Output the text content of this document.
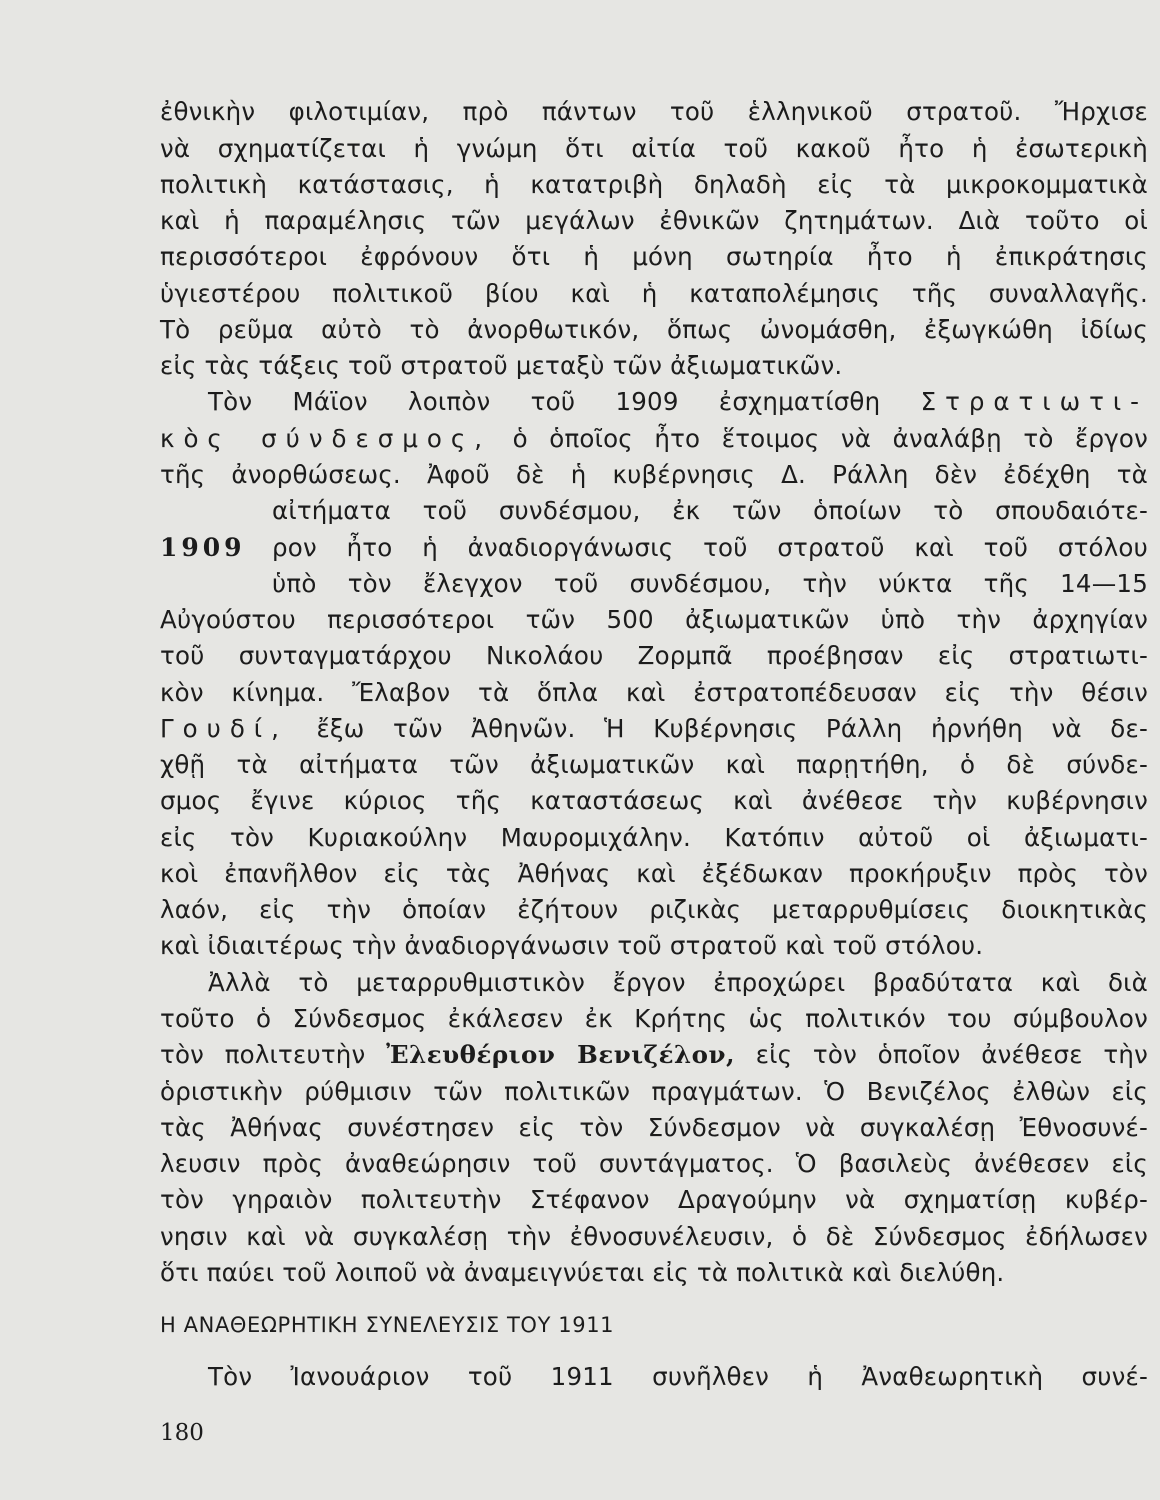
ἐθνικὴν φιλοτιμίαν, πρὸ πάντων τοῦ ἑλληνικοῦ στρατοῦ. Ἤρχισε
νὰ σχηματίζεται ἡ γνώμη ὅτι αἰτία τοῦ κακοῦ ἦτο ἡ ἐσωτερικὴ
πολιτικὴ κατάστασις, ἡ κατατριβὴ δηλαδὴ εἰς τὰ μικροκομματικὰ
καὶ ἡ παραμέλησις τῶν μεγάλων ἐθνικῶν ζητημάτων. Διὰ τοῦτο οἱ
περισσότεροι ἐφρόνουν ὅτι ἡ μόνη σωτηρία ἦτο ἡ ἐπικράτησις
ὑγιεστέρου πολιτικοῦ βίου καὶ ἡ καταπολέμησις τῆς συναλλαγῆς.
Τὸ ρεῦμα αὐτὸ τὸ ἀνορθωτικόν, ὅπως ὠνομάσθη, ἐξωγκώθη ἰδίως
εἰς τὰς τάξεις τοῦ στρατοῦ μεταξὺ τῶν ἀξιωματικῶν.
Τὸν Μάϊον λοιπὸν τοῦ 1909 ἐσχηματίσθη Στρατιωτι-
κὸς σύνδεσμος, ὁ ὁποῖος ἦτο ἕτοιμος νὰ ἀναλάβῃ τὸ ἔργον
τῆς ἀνορθώσεως. Ἀφοῦ δὲ ἡ κυβέρνησις Δ. Ράλλη δὲν ἐδέχθη τὰ
1909
αἰτήματα τοῦ συνδέσμου, ἐκ τῶν ὁποίων τὸ σπουδαιότε-
ρον ἦτο ἡ ἀναδιοργάνωσις τοῦ στρατοῦ καὶ τοῦ στόλου
ὑπὸ τὸν ἔλεγχον τοῦ συνδέσμου, τὴν νύκτα τῆς 14—15
Αὐγούστου περισσότεροι τῶν 500 ἀξιωματικῶν ὑπὸ τὴν ἀρχηγίαν
τοῦ συνταγματάρχου Νικολάου Ζορμπᾶ προέβησαν εἰς στρατιωτι-
κὸν κίνημα. Ἔλαβον τὰ ὅπλα καὶ ἐστρατοπέδευσαν εἰς τὴν θέσιν
Γουδί, ἔξω τῶν Ἀθηνῶν. Ἡ Κυβέρνησις Ράλλη ἠρνήθη νὰ δε-
χθῇ τὰ αἰτήματα τῶν ἀξιωματικῶν καὶ παρῃτήθη, ὁ δὲ σύνδε-
σμος ἔγινε κύριος τῆς καταστάσεως καὶ ἀνέθεσε τὴν κυβέρνησιν
εἰς τὸν Κυριακούλην Μαυρομιχάλην. Κατόπιν αὐτοῦ οἱ ἀξιωματι-
κοὶ ἐπανῆλθον εἰς τὰς Ἀθήνας καὶ ἐξέδωκαν προκήρυξιν πρὸς τὸν
λαόν, εἰς τὴν ὁποίαν ἐζήτουν ριζικὰς μεταρρυθμίσεις διοικητικὰς
καὶ ἰδιαιτέρως τὴν ἀναδιοργάνωσιν τοῦ στρατοῦ καὶ τοῦ στόλου.
Ἀλλὰ τὸ μεταρρυθμιστικὸν ἔργον ἐπροχώρει βραδύτατα καὶ διὰ
τοῦτο ὁ Σύνδεσμος ἐκάλεσεν ἐκ Κρήτης ὡς πολιτικόν του σύμβουλον
τὸν πολιτευτὴν Ἐλευθέριον Βενιζέλον, εἰς τὸν ὁποῖον ἀνέθεσε τὴν
ὁριστικὴν ρύθμισιν τῶν πολιτικῶν πραγμάτων. Ὁ Βενιζέλος ἐλθὼν εἰς
τὰς Ἀθήνας συνέστησεν εἰς τὸν Σύνδεσμον νὰ συγκαλέσῃ Ἐθνοσυνέ-
λευσιν πρὸς ἀναθεώρησιν τοῦ συντάγματος. Ὁ βασιλεὺς ἀνέθεσεν εἰς
τὸν γηραιὸν πολιτευτὴν Στέφανον Δραγούμην νὰ σχηματίσῃ κυβέρ-
νησιν καὶ νὰ συγκαλέσῃ τὴν ἐθνοσυνέλευσιν, ὁ δὲ Σύνδεσμος ἐδήλωσεν
ὅτι παύει τοῦ λοιποῦ νὰ ἀναμειγνύεται εἰς τὰ πολιτικὰ καὶ διελύθη.
Η ΑΝΑΘΕΩΡΗΤΙΚΗ ΣΥΝΕΛΕΥΣΙΣ ΤΟΥ 1911
Τὸν Ἰανουάριον τοῦ 1911 συνῆλθεν ἡ Ἀναθεωρητικὴ συνέ-
180
